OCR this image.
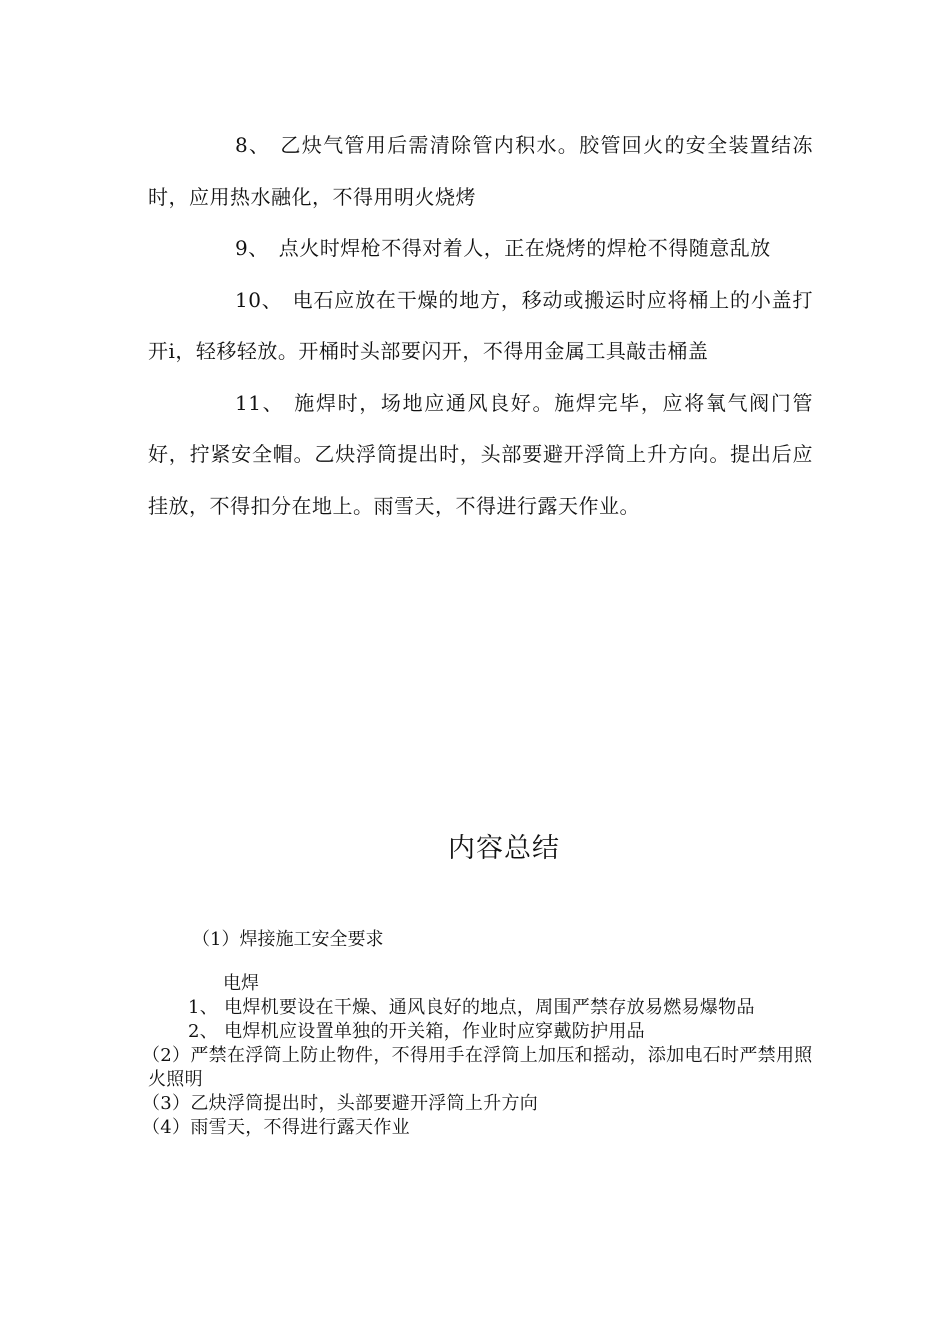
8、 乙炔气管用后需清除管内积水。胶管回火的安全装置结冻时，应用热水融化，不得用明火烧烤

9、 点火时焊枪不得对着人，正在烧烤的焊枪不得随意乱放

10、 电石应放在干燥的地方，移动或搬运时应将桶上的小盖打开i，轻移轻放。开桶时头部要闪开，不得用金属工具敲击桶盖

11、 施焊时，场地应通风良好。施焊完毕，应将氧气阀门管好，拧紧安全帽。乙炔浮筒提出时，头部要避开浮筒上升方向。提出后应挂放，不得扣分在地上。雨雪天，不得进行露天作业。

内容总结

（1）焊接施工安全要求

电焊

1、 电焊机要设在干燥、通风良好的地点，周围严禁存放易燃易爆物品

2、 电焊机应设置单独的开关箱，作业时应穿戴防护用品

（2）严禁在浮筒上防止物件，不得用手在浮筒上加压和摇动，添加电石时严禁用照火照明

（3）乙炔浮筒提出时，头部要避开浮筒上升方向

（4）雨雪天，不得进行露天作业
